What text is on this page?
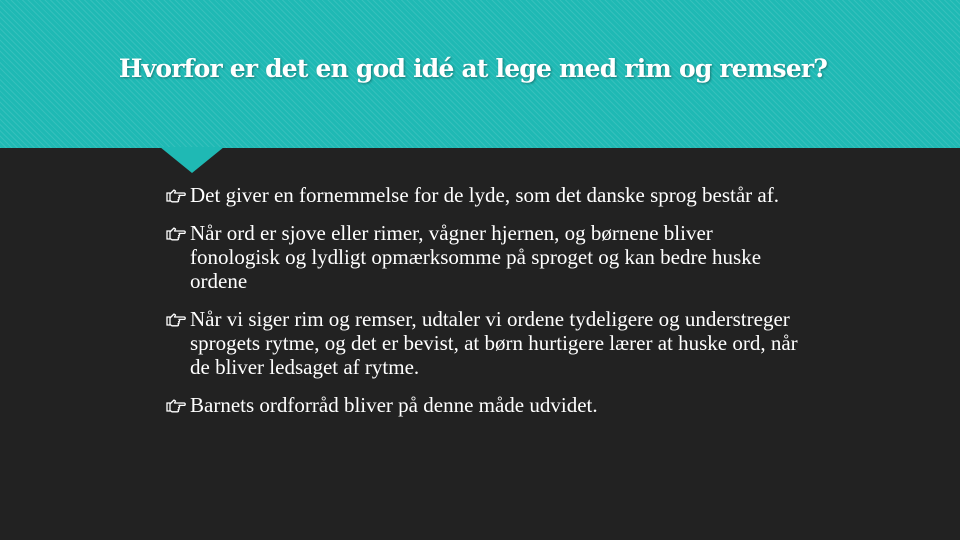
Hvorfor er det en god idé at lege med rim og remser?
Det giver en fornemmelse for de lyde, som det danske sprog består af.
Når ord er sjove eller rimer, vågner hjernen, og børnene bliver fonologisk og lydligt opmærksomme på sproget og kan bedre huske ordene
Når vi siger rim og remser, udtaler vi ordene tydeligere og understreger sprogets rytme, og det er bevist, at børn hurtigere lærer at huske ord, når de bliver ledsaget af rytme.
Barnets ordforråd bliver på denne måde udvidet.
